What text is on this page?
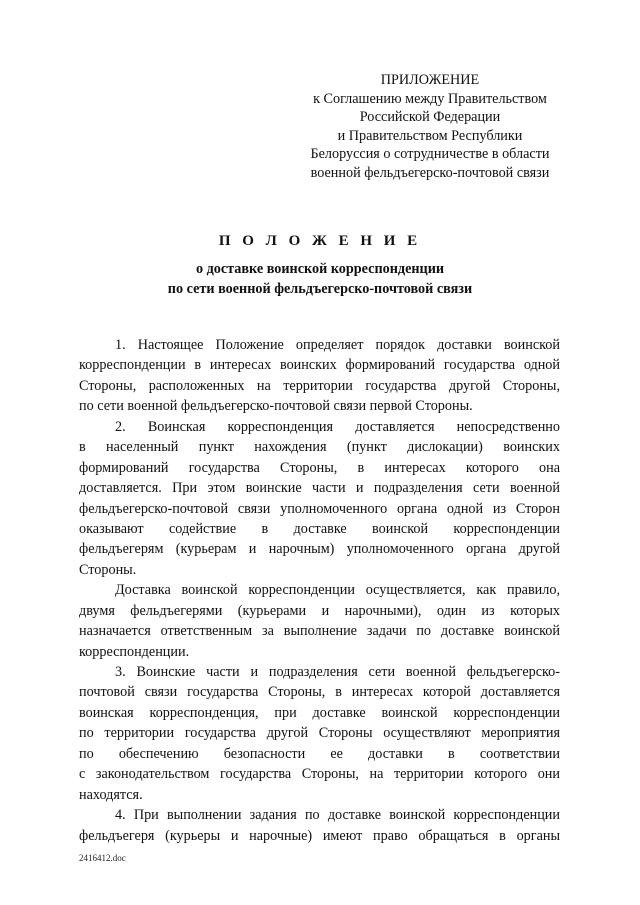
ПРИЛОЖЕНИЕ
к Соглашению между Правительством
Российской Федерации
и Правительством Республики
Белоруссия о сотрудничестве в области
военной фельдъегерско-почтовой связи
П О Л О Ж Е Н И Е
о доставке воинской корреспонденции
по сети военной фельдъегерско-почтовой связи
1. Настоящее Положение определяет порядок доставки воинской
корреспонденции в интересах воинских формирований государства одной
Стороны, расположенных на территории государства другой Стороны,
по сети военной фельдъегерско-почтовой связи первой Стороны.
2. Воинская корреспонденция доставляется непосредственно
в населенный пункт нахождения (пункт дислокации) воинских
формирований государства Стороны, в интересах которого она
доставляется. При этом воинские части и подразделения сети военной
фельдъегерско-почтовой связи уполномоченного органа одной из Сторон
оказывают содействие в доставке воинской корреспонденции
фельдъегерям (курьерам и нарочным) уполномоченного органа другой
Стороны.
Доставка воинской корреспонденции осуществляется, как правило,
двумя фельдъегерями (курьерами и нарочными), один из которых
назначается ответственным за выполнение задачи по доставке воинской
корреспонденции.
3. Воинские части и подразделения сети военной фельдъегерско-
почтовой связи государства Стороны, в интересах которой доставляется
воинская корреспонденция, при доставке воинской корреспонденции
по территории государства другой Стороны осуществляют мероприятия
по обеспечению безопасности ее доставки в соответствии
с законодательством государства Стороны, на территории которого они
находятся.
4. При выполнении задания по доставке воинской корреспонденции
фельдъегеря (курьеры и нарочные) имеют право обращаться в органы
2416412.doc
